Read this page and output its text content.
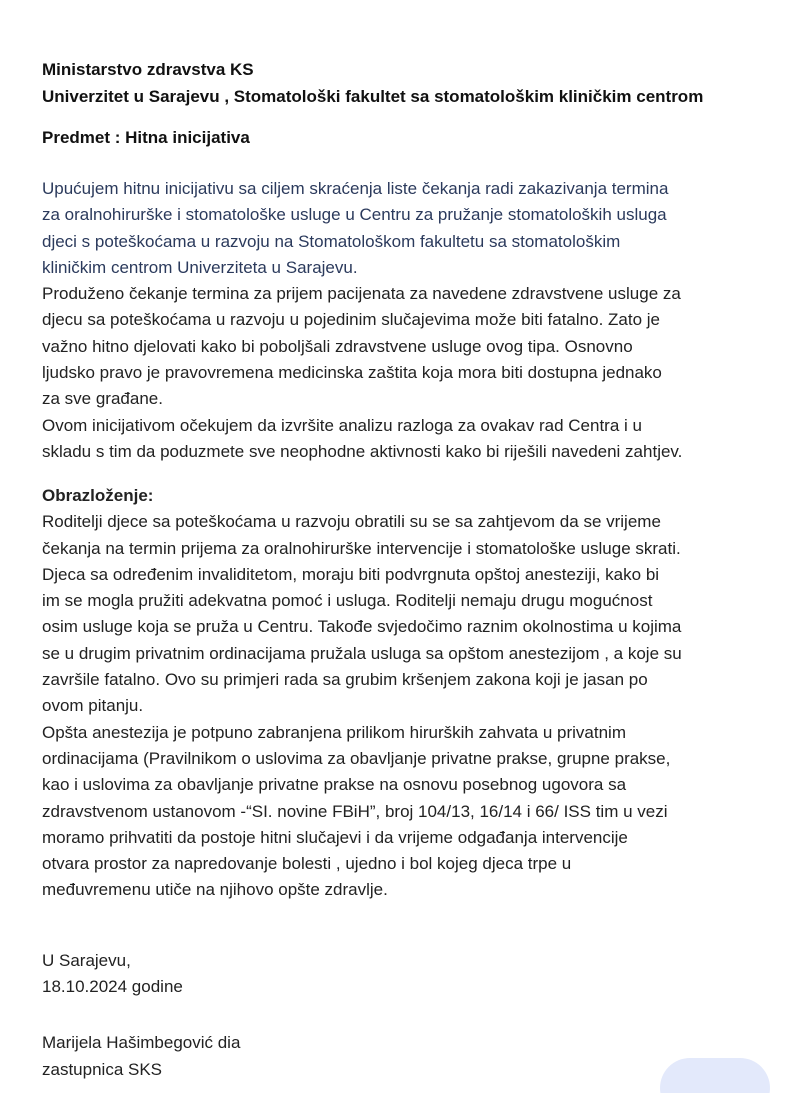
Ministarstvo zdravstva KS
Univerzitet u Sarajevu , Stomatološki fakultet sa stomatološkim kliničkim centrom
Predmet : Hitna inicijativa
Upućujem hitnu inicijativu sa ciljem skraćenja liste čekanja radi zakazivanja termina
za oralnohirurške i stomatološke usluge u Centru za pružanje stomatoloških usluga
djeci s poteškoćama u razvoju na Stomatološkom fakultetu sa stomatološkim
kliničkim centrom Univerziteta u Sarajevu.
Produženo čekanje termina za prijem pacijenata za navedene zdravstvene usluge za
djecu sa poteškoćama u razvoju u pojedinim slučajevima može biti fatalno. Zato je
važno hitno djelovati kako bi poboljšali zdravstvene usluge ovog tipa. Osnovno
ljudsko pravo je pravovremena medicinska zaštita koja mora biti dostupna jednako
za sve građane.
Ovom inicijativom očekujem da izvršite analizu razloga za ovakav rad Centra i u
skladu s tim da poduzmete sve neophodne aktivnosti kako bi riješili navedeni zahtjev.
Obrazloženje:
Roditelji djece sa poteškoćama u razvoju obratili su se sa zahtjevom da se vrijeme
čekanja na termin prijema za oralnohirurške intervencije i stomatološke usluge skrati.
Djeca sa određenim invaliditetom, moraju biti podvrgnuta opštoj anesteziji, kako bi
im se mogla pružiti adekvatna pomoć i usluga. Roditelji nemaju drugu mogućnost
osim usluge koja se pruža u Centru. Takođe svjedočimo raznim okolnostima u kojima
se u drugim privatnim ordinacijama pružala usluga sa opštom anestezijom , a koje su
završile fatalno. Ovo su primjeri rada sa grubim kršenjem zakona koji je jasan po
ovom pitanju.
Opšta anestezija je potpuno zabranjena prilikom hirurških zahvata u privatnim
ordinacijama (Pravilnikom o uslovima za obavljanje privatne prakse, grupne prakse,
kao i uslovima za obavljanje privatne prakse na osnovu posebnog ugovora sa
zdravstvenom ustanovom -“SI. novine FBiH”, broj 104/13, 16/14 i 66/ ISS tim u vezi
moramo prihvatiti da postoje hitni slučajevi i da vrijeme odgađanja intervencije
otvara prostor za napredovanje bolesti , ujedno i bol kojeg djeca trpe u
međuvremenu utiče na njihovo opšte zdravlje.
U Sarajevu,
18.10.2024 godine
Marijela Hašimbegović dia
zastupnica SKS
